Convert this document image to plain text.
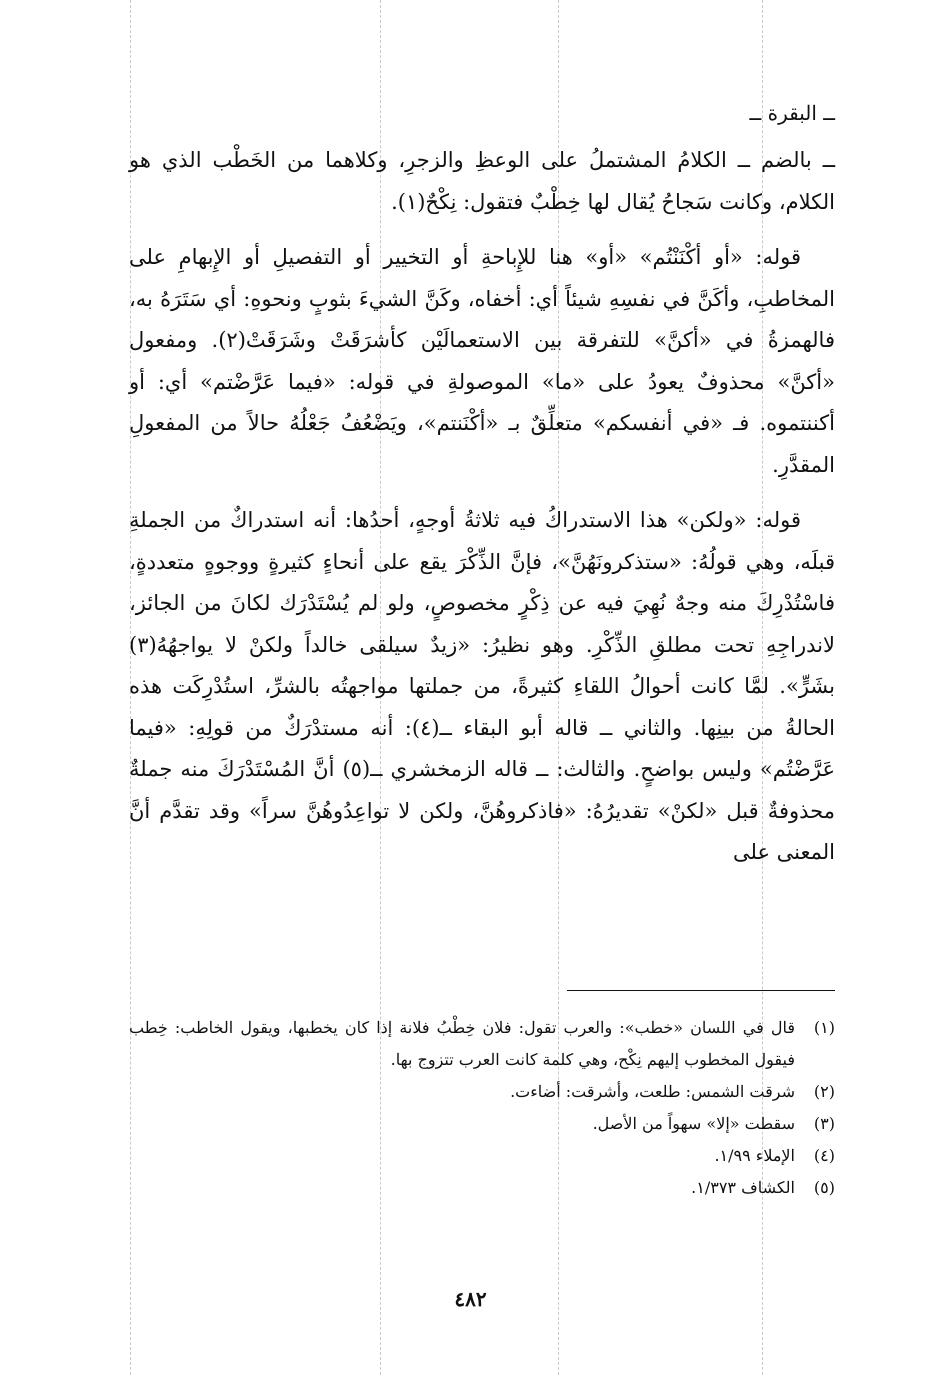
ــ البقرة ــ

ــ بالضم ــ الكلامُ المشتملُ على الوعظِ والزجرِ، وكلاهما من الخَطْب الذي هو الكلام، وكانت سَجاحُ يُقال لها خِطْبٌ فتقول: نِكْحٌ(١).

قوله: «أو أكْنَنْتُم» «أو» هنا للإِباحةِ أو التخيير أو التفصيلِ أو الإِبهامِ على المخاطبِ، وأكَنَّ في نفسِهِ شيئاً أي: أخفاه، وكَنَّ الشيءَ بثوبٍ ونحوهِ: أي سَتَرَهُ به، فالهمزةُ في «أكنَّ» للتفرقة بين الاستعمالَيْن كأشرَقَتْ وشَرَقَتْ(٢). ومفعول «أكنَّ» محذوفٌ يعودُ على «ما» الموصولةِ في قوله: «فيما عَرَّضْتم» أي: أو أكننتموه. فـ «في أنفسكم» متعلِّقٌ بـ «أكْنَنتم»، ويَضْعُفُ جَعْلُهُ حالاً من المفعولِ المقدَّرِ.

قوله: «ولكن» هذا الاستدراكُ فيه ثلاثةُ أوجهٍ، أحدُها: أنه استدراكٌ من الجملةِ قبلَه، وهي قولُهُ: «ستذكرونَهُنَّ»، فإنَّ الذِّكْرَ يقع على أنحاءٍ كثيرةٍ ووجوهٍ متعددةٍ، فاسْتُدْرِكَ منه وجهٌ نُهِيَ فيه عن ذِكْرٍ مخصوصٍ، ولو لم يُسْتَدْرَك لكانَ من الجائز، لاندراجِهِ تحت مطلقِ الذِّكْرِ. وهو نظيرُ: «زيدٌ سيلقى خالداً ولكنْ لا يواجهُهُ(٣) بشَرٍّ». لمَّا كانت أحوالُ اللقاءِ كثيرةً، من جملتها مواجهتُه بالشرِّ، استُدْرِكَت هذه الحالةُ من بينِها. والثاني ــ قاله أبو البقاء ــ(٤): أنه مستدْرَكٌ من قولِهِ: «فيما عَرَّضْتُم» وليس بواضحٍ. والثالث: ــ قاله الزمخشري ــ(٥) أنَّ المُسْتَدْرَكَ منه جملةٌ محذوفةٌ قبل «لكنْ» تقديرُهُ: «فاذكروهُنَّ، ولكن لا تواعِدُوهُنَّ سراً» وقد تقدَّم أنَّ المعنى على

(١)
قال في اللسان «خطب»: والعرب تقول: فلان خِطْبُ فلانة إذا كان يخطبها، ويقول الخاطب: خِطب فيقول المخطوب إليهم نِكْح، وهي كلمة كانت العرب تتزوج بها.
(٢)
شرقت الشمس: طلعت، وأشرقت: أضاءت.
(٣)
سقطت «إلا» سهواً من الأصل.
(٤)
الإملاء ١/٩٩.
(٥)
الكشاف ١/٣٧٣.
٤٨٢
